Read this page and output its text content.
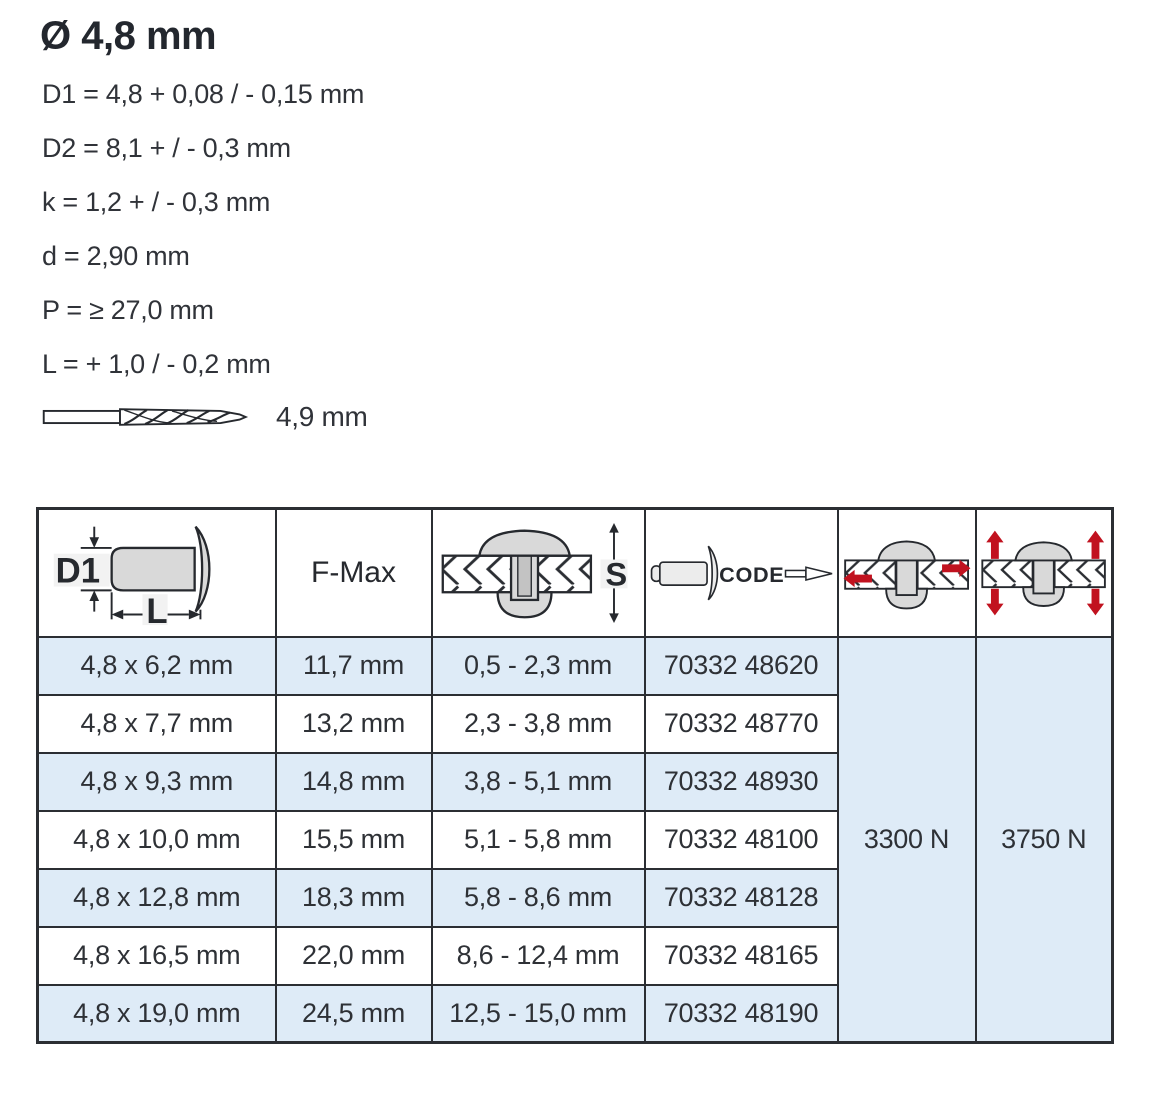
Ø 4,8 mm
D1 = 4,8 + 0,08 / - 0,15 mm
D2 = 8,1 + / - 0,3 mm
k = 1,2 + / - 0,3 mm
d = 2,90 mm
P = ≥ 27,0 mm
L = + 1,0 / - 0,2 mm
4,9 mm
D1
L	F-Max	S	CODE

4,8 x 6,2 mm	11,7 mm	0,5 - 2,3 mm	70332 48620	3300 N	3750 N
4,8 x 7,7 mm	13,2 mm	2,3 - 3,8 mm	70332 48770		
4,8 x 9,3 mm	14,8 mm	3,8 - 5,1 mm	70332 48930		
4,8 x 10,0 mm	15,5 mm	5,1 - 5,8 mm	70332 48100		
4,8 x 12,8 mm	18,3 mm	5,8 - 8,6 mm	70332 48128		
4,8 x 16,5 mm	22,0 mm	8,6 - 12,4 mm	70332 48165		
4,8 x 19,0 mm	24,5 mm	12,5 - 15,0 mm	70332 48190		
